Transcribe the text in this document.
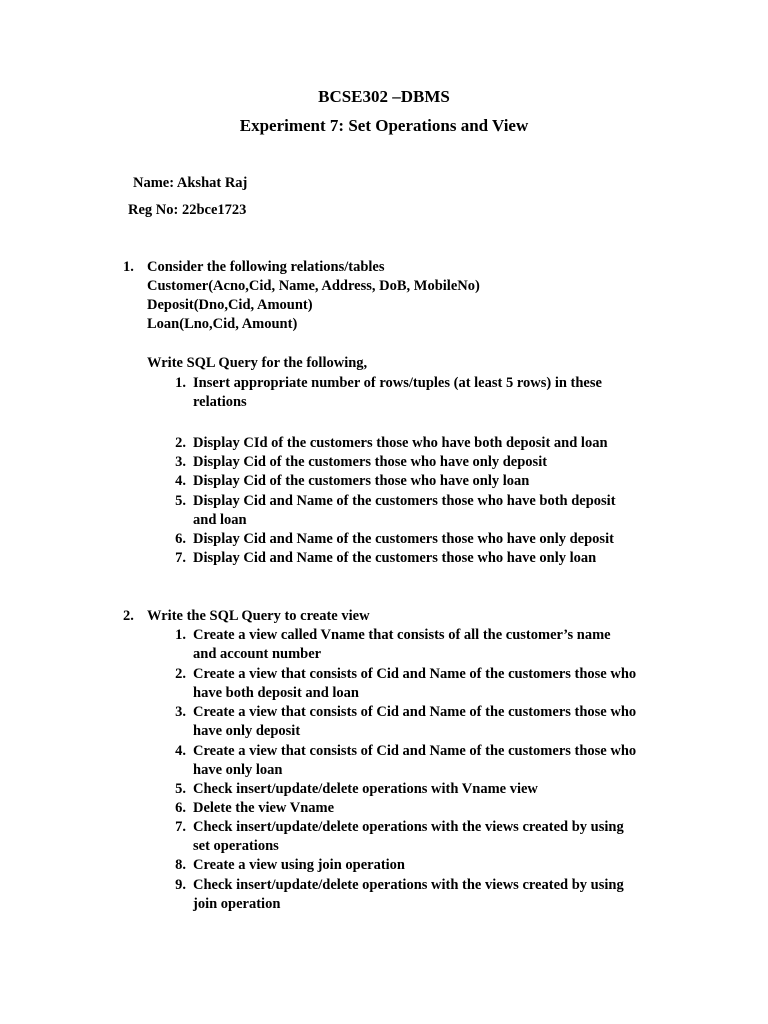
BCSE302 –DBMS
Experiment 7: Set Operations and View
Name: Akshat Raj
Reg No: 22bce1723
1. Consider the following relations/tables
Customer(Acno,Cid, Name, Address, DoB, MobileNo)
Deposit(Dno,Cid, Amount)
Loan(Lno,Cid, Amount)
Write SQL Query for the following,
1. Insert appropriate number of rows/tuples (at least 5 rows) in these
relations
2. Display CId of the customers those who have both deposit and loan
3. Display Cid of the customers those who have only deposit
4. Display Cid of the customers those who have only loan
5. Display Cid and Name of the customers those who have both deposit
and loan
6. Display Cid and Name of the customers those who have only deposit
7. Display Cid and Name of the customers those who have only loan
2. Write the SQL Query to create view
1. Create a view called Vname that consists of all the customer’s name
and account number
2. Create a view that consists of Cid and Name of the customers those who
have both deposit and loan
3. Create a view that consists of Cid and Name of the customers those who
have only deposit
4. Create a view that consists of Cid and Name of the customers those who
have only loan
5. Check insert/update/delete operations with Vname view
6. Delete the view Vname
7. Check insert/update/delete operations with the views created by using
set operations
8. Create a view using join operation
9. Check insert/update/delete operations with the views created by using
join operation
